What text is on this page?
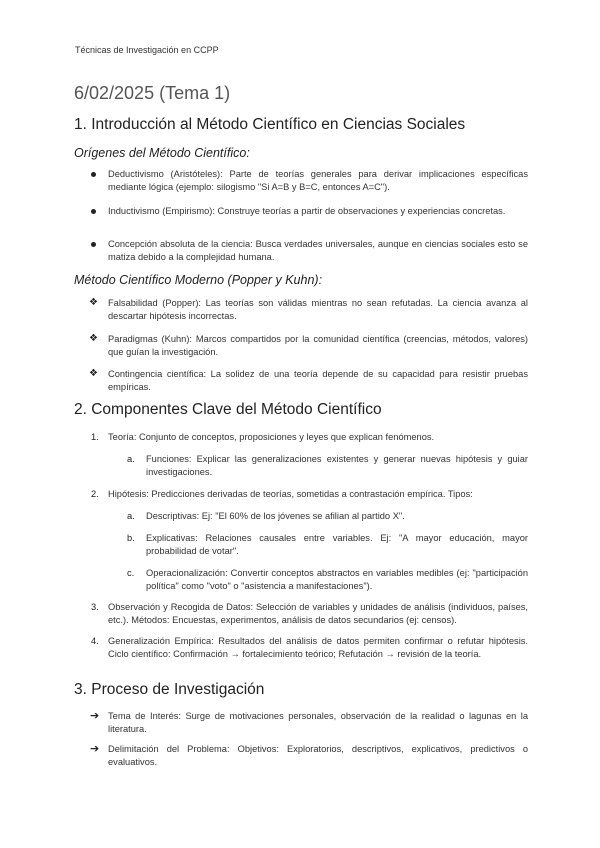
Técnicas de Investigación en CCPP
6/02/2025 (Tema 1)
1. Introducción al Método Científico en Ciencias Sociales
Orígenes del Método Científico:
Deductivismo (Aristóteles): Parte de teorías generales para derivar implicaciones específicas mediante lógica (ejemplo: silogismo "Si A=B y B=C, entonces A=C").
Inductivismo (Empirismo): Construye teorías a partir de observaciones y experiencias concretas.
Concepción absoluta de la ciencia: Busca verdades universales, aunque en ciencias sociales esto se matiza debido a la complejidad humana.
Método Científico Moderno (Popper y Kuhn):
❖ Falsabilidad (Popper): Las teorías son válidas mientras no sean refutadas. La ciencia avanza al descartar hipótesis incorrectas.
❖ Paradigmas (Kuhn): Marcos compartidos por la comunidad científica (creencias, métodos, valores) que guían la investigación.
❖ Contingencia científica: La solidez de una teoría depende de su capacidad para resistir pruebas empíricas.
2. Componentes Clave del Método Científico
1. Teoría: Conjunto de conceptos, proposiciones y leyes que explican fenómenos.
a. Funciones: Explicar las generalizaciones existentes y generar nuevas hipótesis y guiar investigaciones.
2. Hipótesis: Predicciones derivadas de teorías, sometidas a contrastación empírica. Tipos:
a. Descriptivas: Ej: "El 60% de los jóvenes se afilian al partido X".
b. Explicativas: Relaciones causales entre variables. Ej: "A mayor educación, mayor probabilidad de votar".
c. Operacionalización: Convertir conceptos abstractos en variables medibles (ej: "participación política" como "voto" o "asistencia a manifestaciones").
3. Observación y Recogida de Datos: Selección de variables y unidades de análisis (individuos, países, etc.). Métodos: Encuestas, experimentos, análisis de datos secundarios (ej: censos).
4. Generalización Empírica: Resultados del análisis de datos permiten confirmar o refutar hipótesis. Ciclo científico: Confirmación → fortalecimiento teórico; Refutación → revisión de la teoría.
3. Proceso de Investigación
➔ Tema de Interés: Surge de motivaciones personales, observación de la realidad o lagunas en la literatura.
➔ Delimitación del Problema: Objetivos: Exploratorios, descriptivos, explicativos, predictivos o evaluativos.
